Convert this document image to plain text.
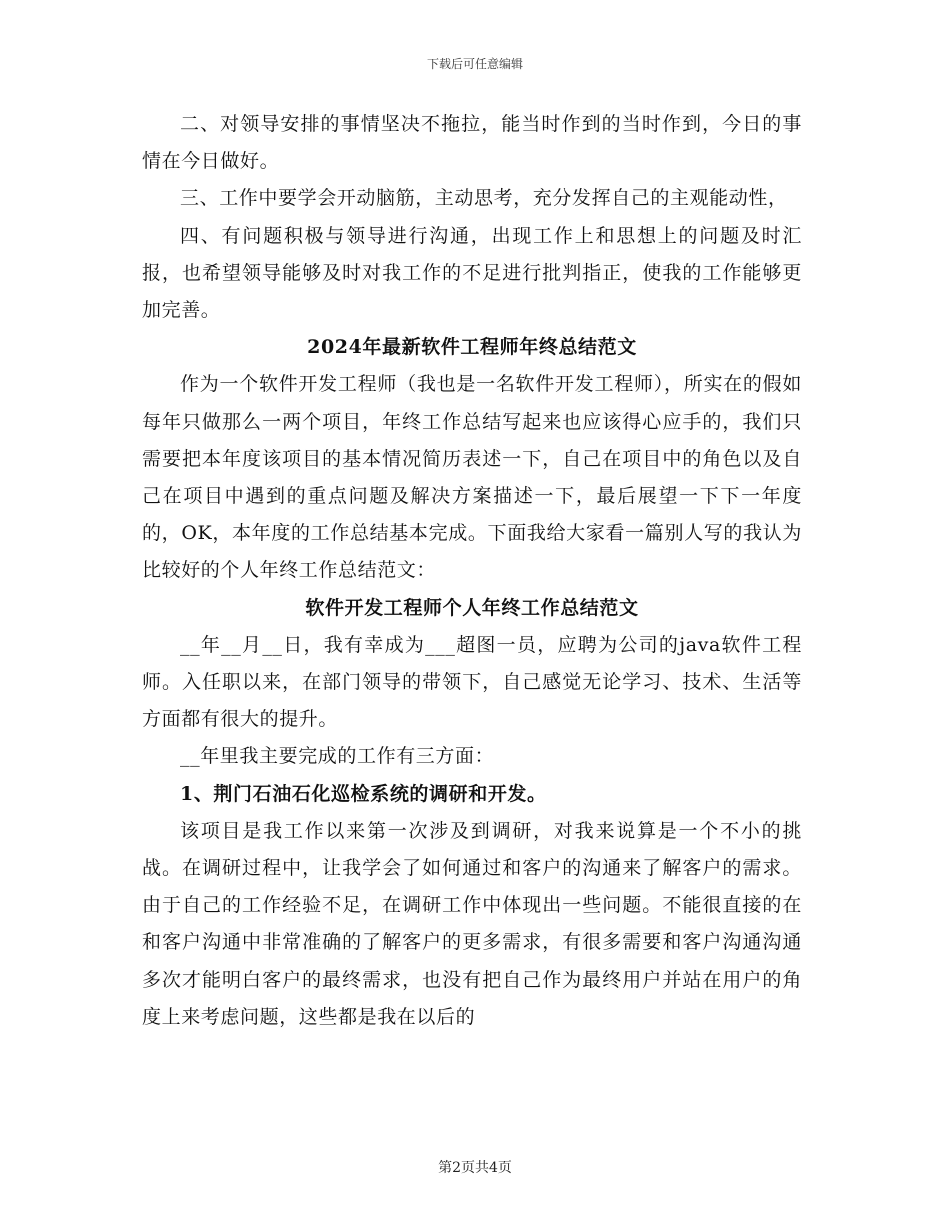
下载后可任意编辑

二、对领导安排的事情坚决不拖拉，能当时作到的当时作到，今日的事情在今日做好。

三、工作中要学会开动脑筋，主动思考，充分发挥自己的主观能动性，

四、有问题积极与领导进行沟通，出现工作上和思想上的问题及时汇报，也希望领导能够及时对我工作的不足进行批判指正，使我的工作能够更加完善。

2024年最新软件工程师年终总结范文

作为一个软件开发工程师（我也是一名软件开发工程师），所实在的假如每年只做那么一两个项目，年终工作总结写起来也应该得心应手的，我们只需要把本年度该项目的基本情况简历表述一下，自己在项目中的角色以及自己在项目中遇到的重点问题及解决方案描述一下，最后展望一下下一年度的，OK，本年度的工作总结基本完成。下面我给大家看一篇别人写的我认为比较好的个人年终工作总结范文：

软件开发工程师个人年终工作总结范文

__年__月__日，我有幸成为___超图一员，应聘为公司的java软件工程师。入任职以来，在部门领导的带领下，自己感觉无论学习、技术、生活等方面都有很大的提升。

__年里我主要完成的工作有三方面：

1、荆门石油石化巡检系统的调研和开发。

该项目是我工作以来第一次涉及到调研，对我来说算是一个不小的挑战。在调研过程中，让我学会了如何通过和客户的沟通来了解客户的需求。由于自己的工作经验不足，在调研工作中体现出一些问题。不能很直接的在和客户沟通中非常准确的了解客户的更多需求，有很多需要和客户沟通沟通多次才能明白客户的最终需求，也没有把自己作为最终用户并站在用户的角度上来考虑问题，这些都是我在以后的

第2页共4页
